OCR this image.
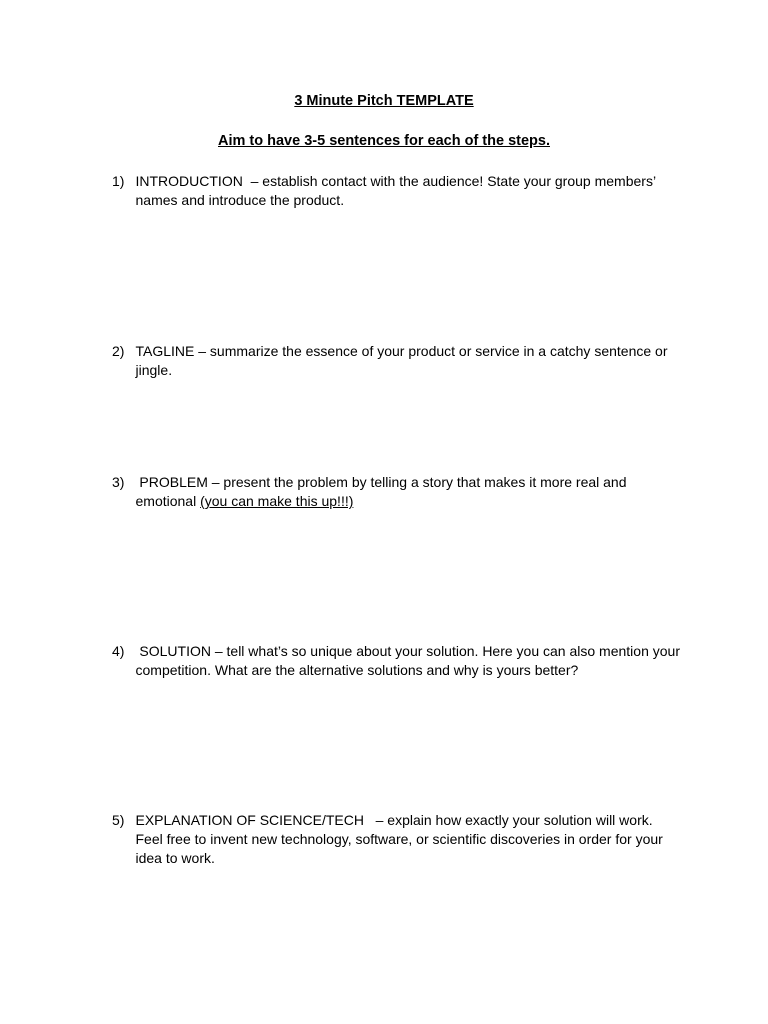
3 Minute Pitch TEMPLATE
Aim to have 3-5 sentences for each of the steps.
1) INTRODUCTION  – establish contact with the audience! State your group members’ names and introduce the product.
2) TAGLINE – summarize the essence of your product or service in a catchy sentence or jingle.
3) PROBLEM – present the problem by telling a story that makes it more real and emotional (you can make this up!!!)
4) SOLUTION – tell what’s so unique about your solution. Here you can also mention your competition. What are the alternative solutions and why is yours better?
5) EXPLANATION OF SCIENCE/TECH   – explain how exactly your solution will work. Feel free to invent new technology, software, or scientific discoveries in order for your idea to work.
